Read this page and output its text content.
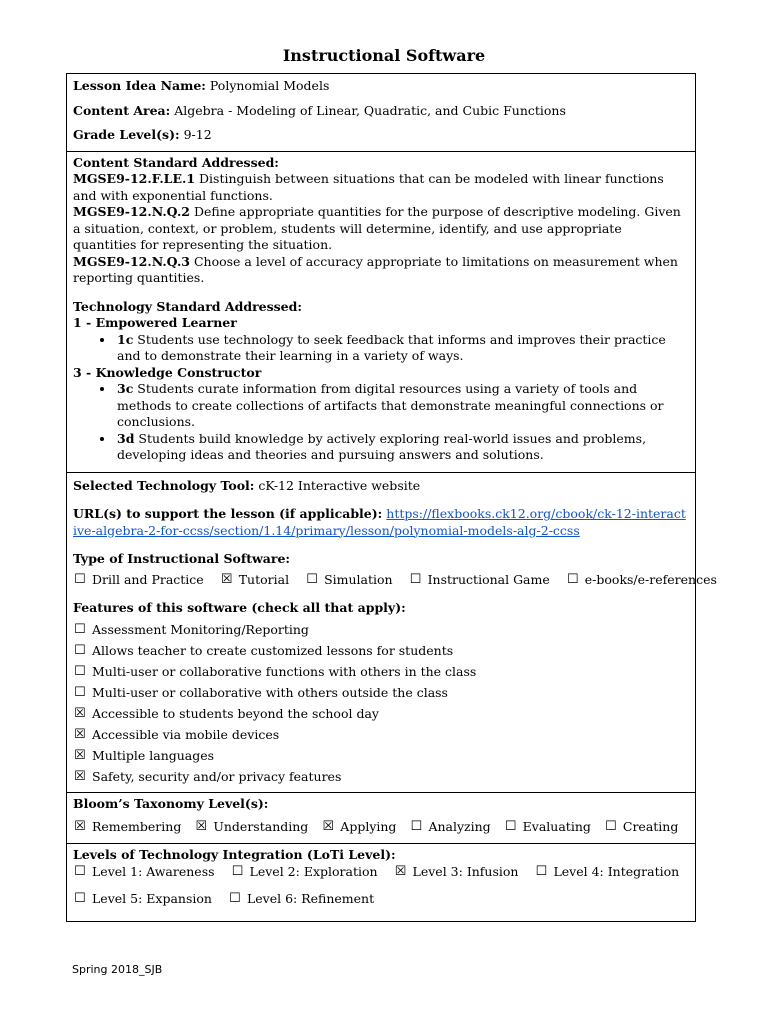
Instructional Software
Lesson Idea Name: Polynomial Models
Content Area: Algebra - Modeling of Linear, Quadratic, and Cubic Functions
Grade Level(s): 9-12
Content Standard Addressed:
MGSE9-12.F.LE.1 Distinguish between situations that can be modeled with linear functions and with exponential functions.
MGSE9-12.N.Q.2 Define appropriate quantities for the purpose of descriptive modeling. Given a situation, context, or problem, students will determine, identify, and use appropriate quantities for representing the situation.
MGSE9-12.N.Q.3 Choose a level of accuracy appropriate to limitations on measurement when reporting quantities.
Technology Standard Addressed:
1 - Empowered Learner
• 1c Students use technology to seek feedback that informs and improves their practice and to demonstrate their learning in a variety of ways.
3 - Knowledge Constructor
• 3c Students curate information from digital resources using a variety of tools and methods to create collections of artifacts that demonstrate meaningful connections or conclusions.
• 3d Students build knowledge by actively exploring real-world issues and problems, developing ideas and theories and pursuing answers and solutions.
Selected Technology Tool: cK-12 Interactive website
URL(s) to support the lesson (if applicable): https://flexbooks.ck12.org/cbook/ck-12-interactive-algebra-2-for-ccss/section/1.14/primary/lesson/polynomial-models-alg-2-ccss
Type of Instructional Software:
☐ Drill and Practice ☒ Tutorial ☐ Simulation ☐ Instructional Game ☐ e-books/e-references
Features of this software (check all that apply):
☐ Assessment Monitoring/Reporting
☐ Allows teacher to create customized lessons for students
☐ Multi-user or collaborative functions with others in the class
☐ Multi-user or collaborative with others outside the class
☒ Accessible to students beyond the school day
☒ Accessible via mobile devices
☒ Multiple languages
☒ Safety, security and/or privacy features
Bloom’s Taxonomy Level(s):
☒ Remembering ☒ Understanding ☒ Applying ☐ Analyzing ☐ Evaluating ☐ Creating
Levels of Technology Integration (LoTi Level):
☐ Level 1: Awareness ☐ Level 2: Exploration ☒ Level 3: Infusion ☐ Level 4: Integration
☐ Level 5: Expansion ☐ Level 6: Refinement
Spring 2018_SJB
